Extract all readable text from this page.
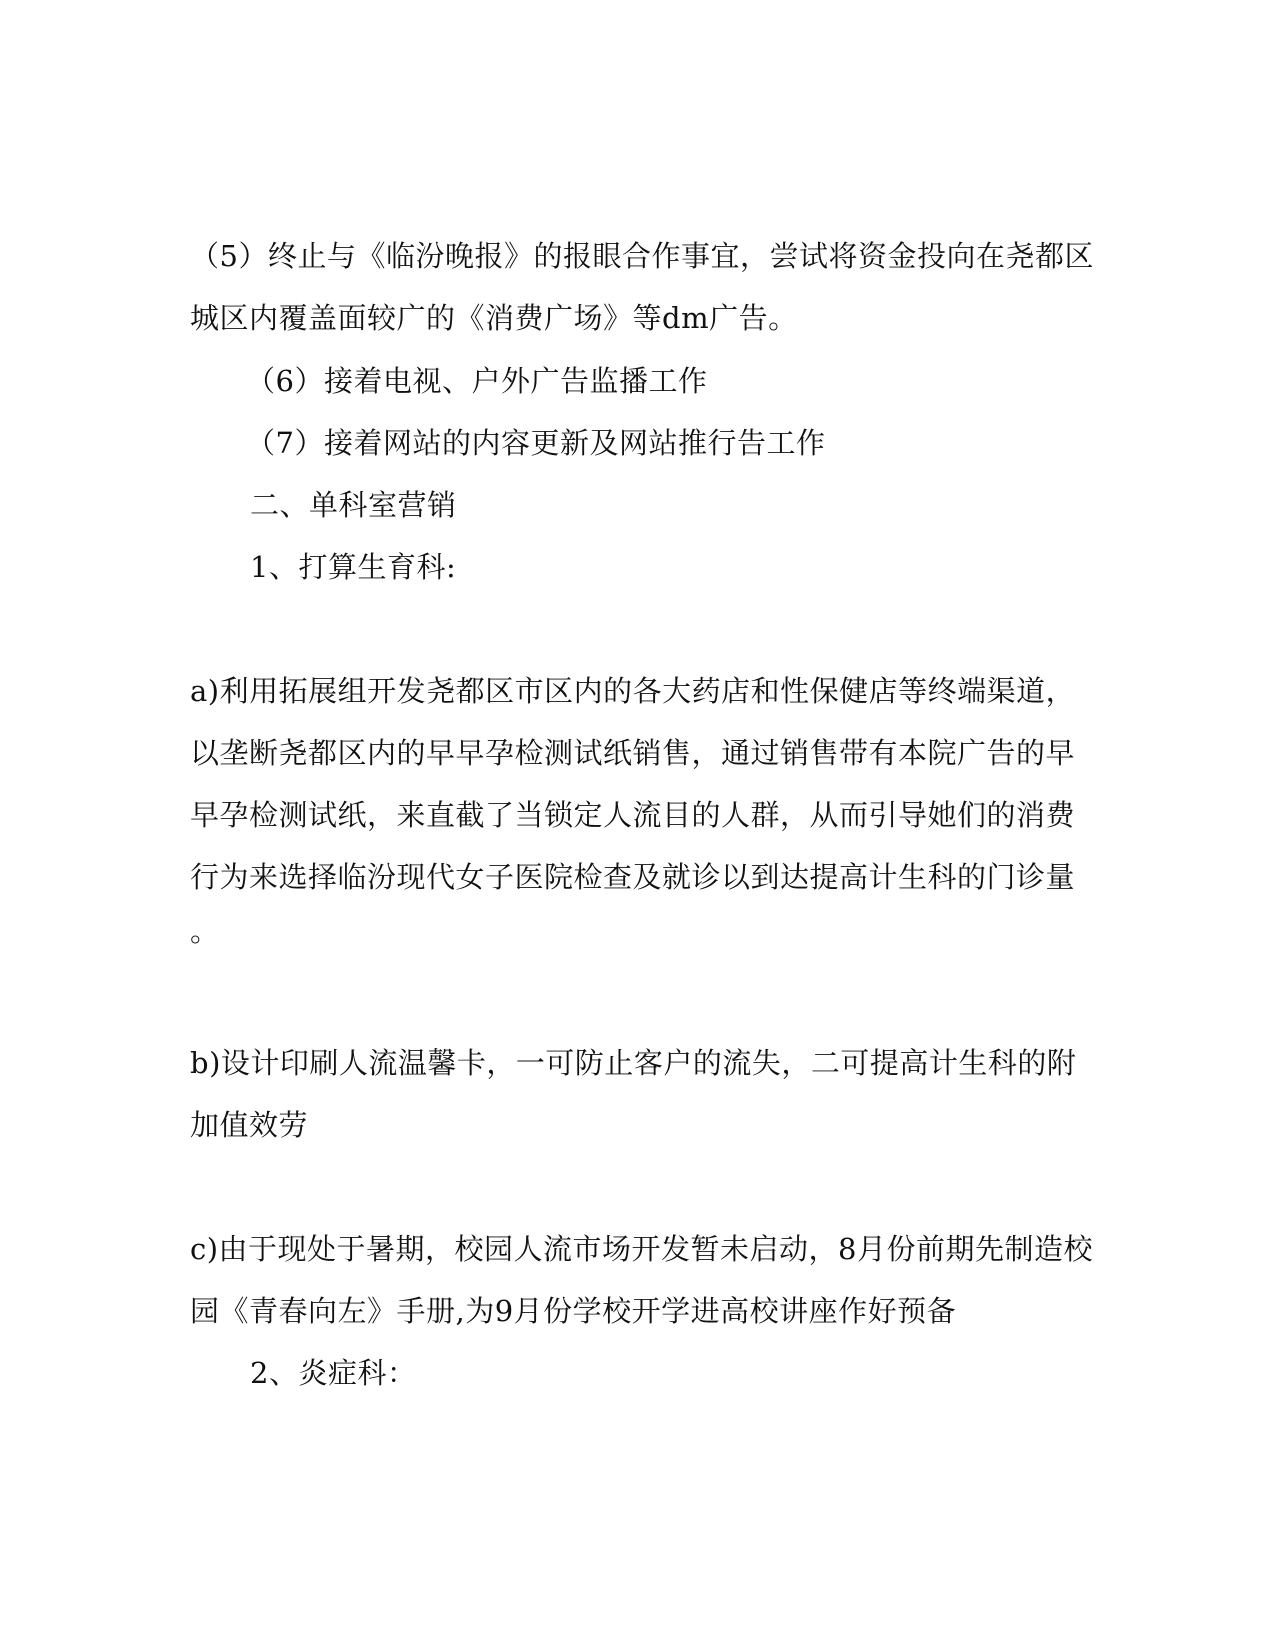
（5）终止与《临汾晚报》的报眼合作事宜，尝试将资金投向在尧都区
城区内覆盖面较广的《消费广场》等dm广告。
（6）接着电视、户外广告监播工作
（7）接着网站的内容更新及网站推行告工作
二、单科室营销
1、打算生育科:
a)利用拓展组开发尧都区市区内的各大药店和性保健店等终端渠道，
以垄断尧都区内的早早孕检测试纸销售，通过销售带有本院广告的早
早孕检测试纸，来直截了当锁定人流目的人群，从而引导她们的消费
行为来选择临汾现代女子医院检查及就诊以到达提高计生科的门诊量
。
b)设计印刷人流温馨卡，一可防止客户的流失，二可提高计生科的附
加值效劳
c)由于现处于暑期，校园人流市场开发暂未启动，8月份前期先制造校
园《青春向左》手册,为9月份学校开学进高校讲座作好预备
2、炎症科：
